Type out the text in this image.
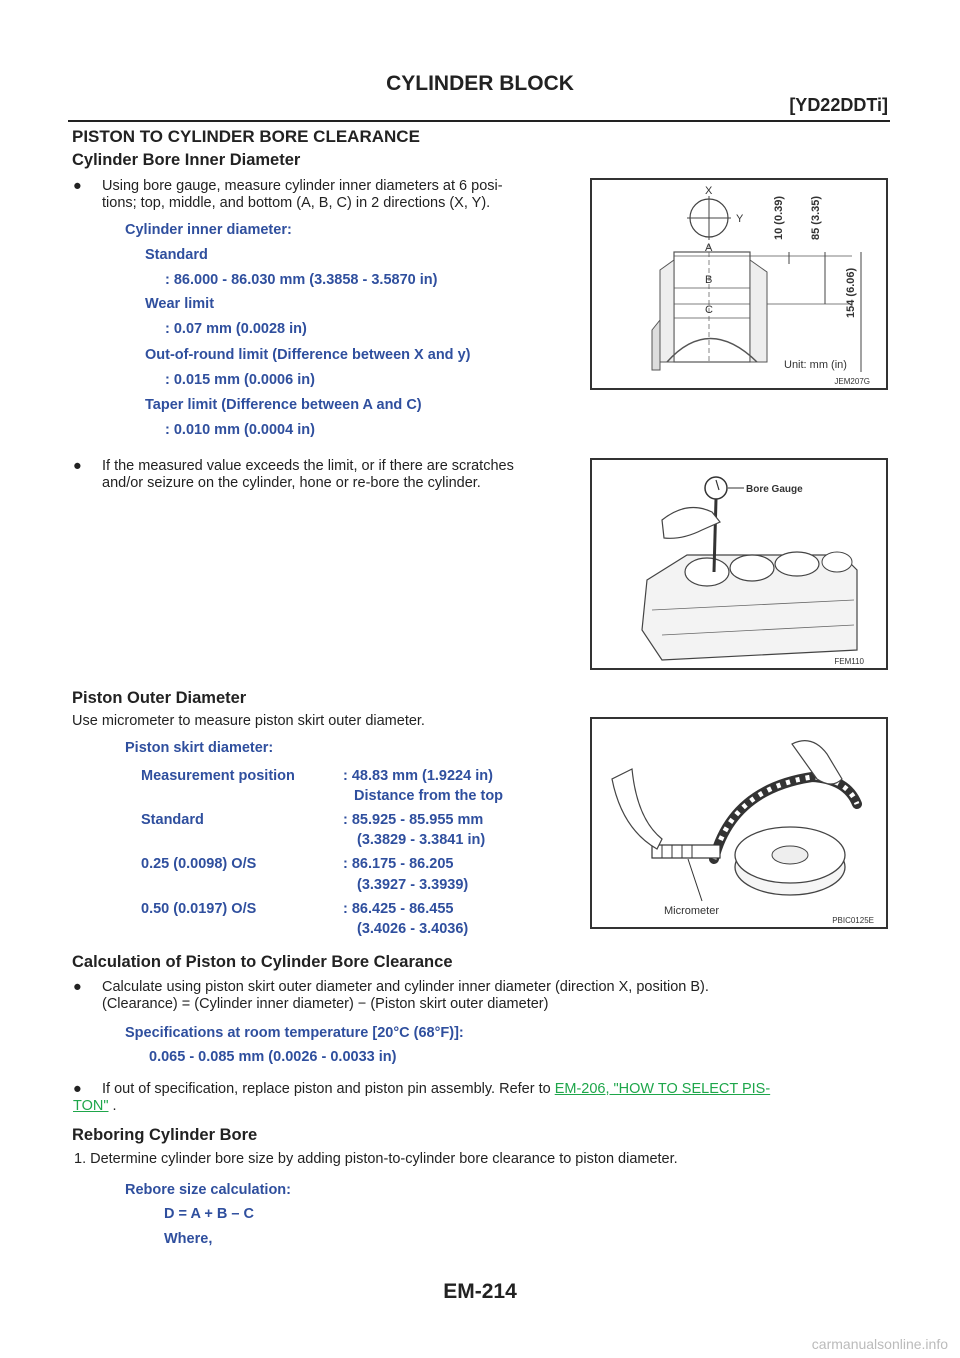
CYLINDER BLOCK
[YD22DDTi]
PISTON TO CYLINDER BORE CLEARANCE
Cylinder Bore Inner Diameter
● Using bore gauge, measure cylinder inner diameters at 6 posi-
tions; top, middle, and bottom (A, B, C) in 2 directions (X, Y).
Cylinder inner diameter:
Standard
: 86.000 - 86.030 mm (3.3858 - 3.5870 in)
Wear limit
: 0.07 mm (0.0028 in)
Out-of-round limit (Difference between X and y)
: 0.015 mm (0.0006 in)
Taper limit (Difference between A and C)
: 0.010 mm (0.0004 in)
● If the measured value exceeds the limit, or if there are scratches
and/or seizure on the cylinder, hone or re-bore the cylinder.
X
Y
A
B
C
10 (0.39) 85 (3.35)
154 (6.06)
Unit: mm (in)
JEM207G
Bore Gauge
FEM110
Piston Outer Diameter
Use micrometer to measure piston skirt outer diameter.
Piston skirt diameter:
Measurement position	: 48.83 mm (1.9224 in)
Distance from the top
Standard	: 85.925 - 85.955 mm
(3.3829 - 3.3841 in)
0.25 (0.0098) O/S	: 86.175 - 86.205
(3.3927 - 3.3939)
0.50 (0.0197) O/S	: 86.425 - 86.455
(3.4026 - 3.4036)
Micrometer
PBIC0125E
Calculation of Piston to Cylinder Bore Clearance
● Calculate using piston skirt outer diameter and cylinder inner diameter (direction X, position B).
(Clearance) = (Cylinder inner diameter) − (Piston skirt outer diameter)
Specifications at room temperature [20°C (68°F)]:
0.065 - 0.085 mm (0.0026 - 0.0033 in)
● If out of specification, replace piston and piston pin assembly. Refer to EM-206, "HOW TO SELECT PIS-
TON" .
Reboring Cylinder Bore
1. Determine cylinder bore size by adding piston-to-cylinder bore clearance to piston diameter.
Rebore size calculation:
D = A + B – C
Where,
EM-214
carmanualsonline.info
